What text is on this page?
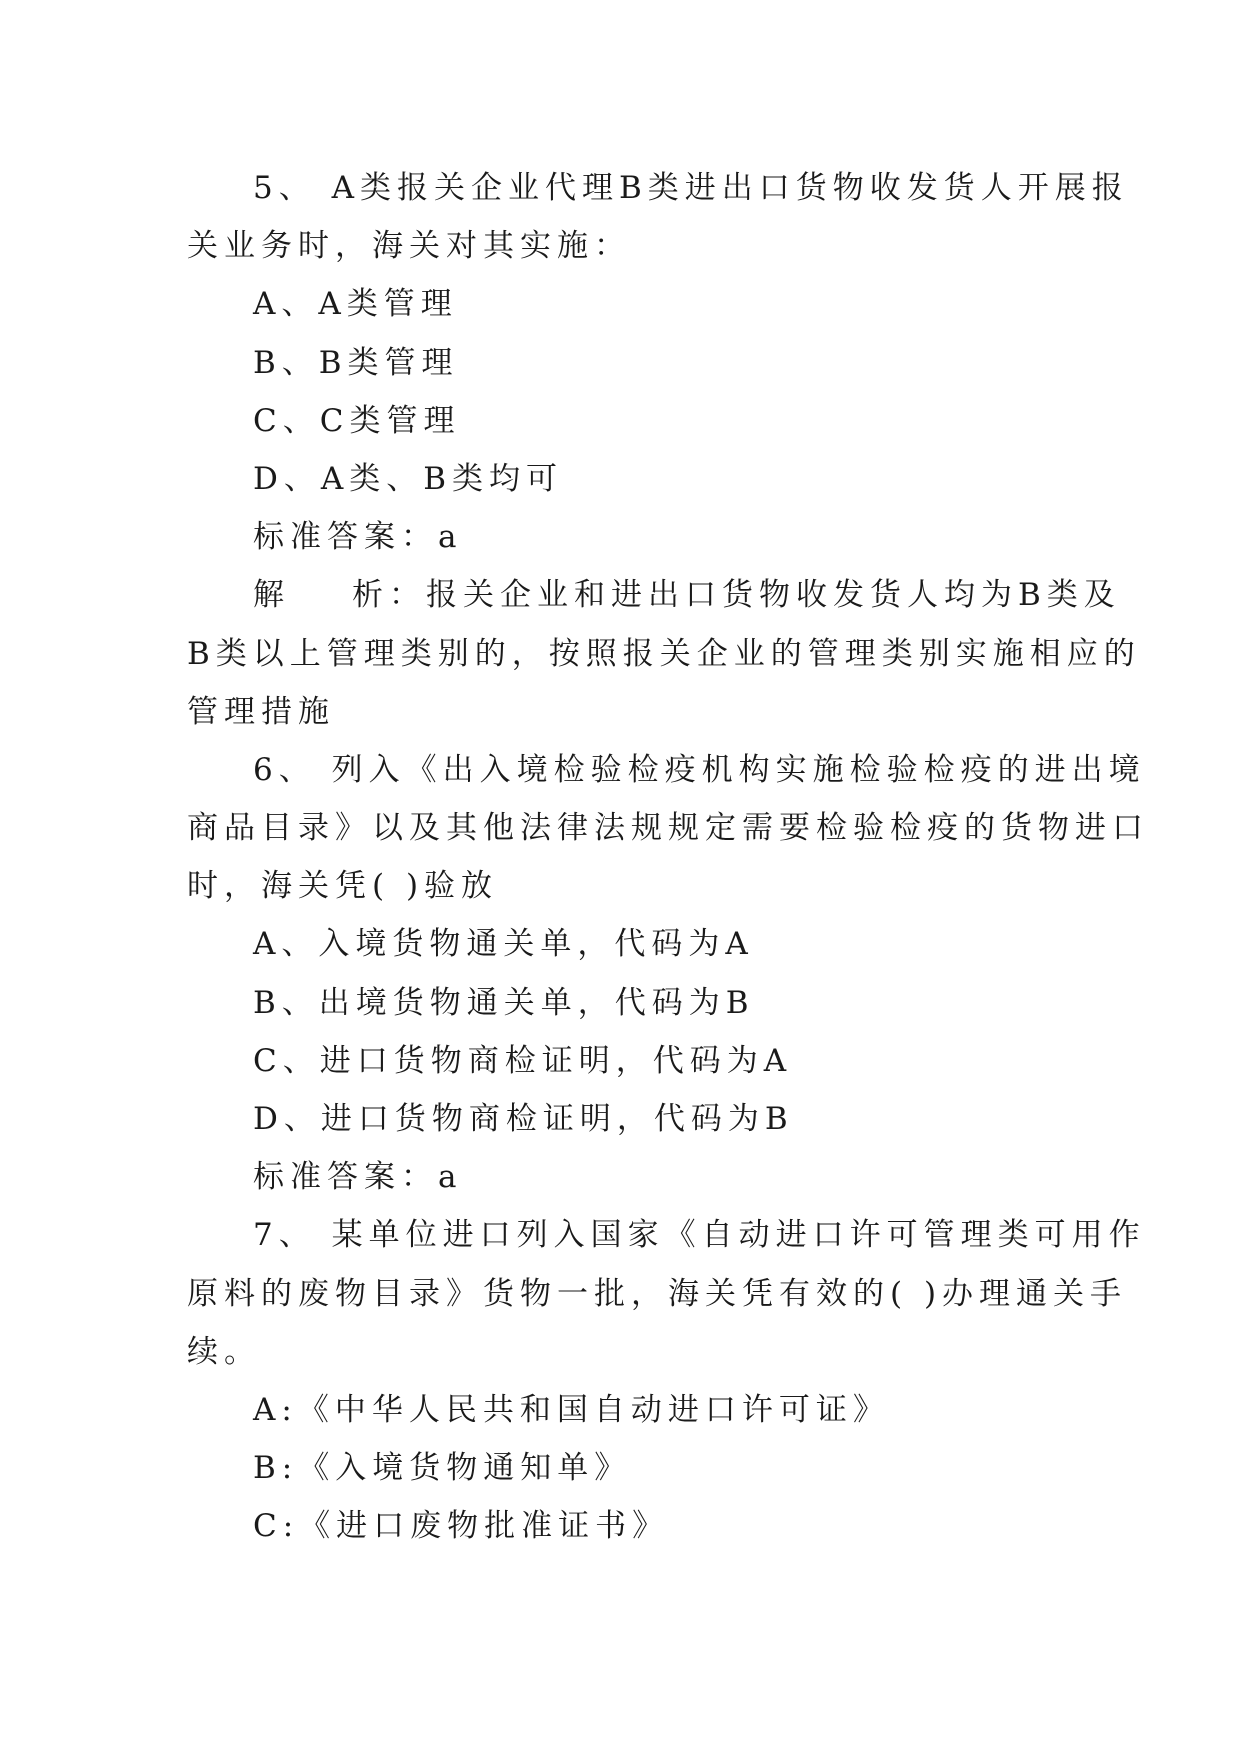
5、 A类报关企业代理B类进出口货物收发货人开展报
关业务时，海关对其实施：
A、A类管理
B、B类管理
C、C类管理
D、A类、B类均可
标准答案：a
解 析：报关企业和进出口货物收发货人均为B类及
B类以上管理类别的，按照报关企业的管理类别实施相应的
管理措施
6、 列入《出入境检验检疫机构实施检验检疫的进出境
商品目录》以及其他法律法规规定需要检验检疫的货物进口
时，海关凭( )验放
A、入境货物通关单，代码为A
B、出境货物通关单，代码为B
C、进口货物商检证明，代码为A
D、进口货物商检证明，代码为B
标准答案：a
7、 某单位进口列入国家《自动进口许可管理类可用作
原料的废物目录》货物一批，海关凭有效的( )办理通关手
续。
A:《中华人民共和国自动进口许可证》
B:《入境货物通知单》
C:《进口废物批准证书》
